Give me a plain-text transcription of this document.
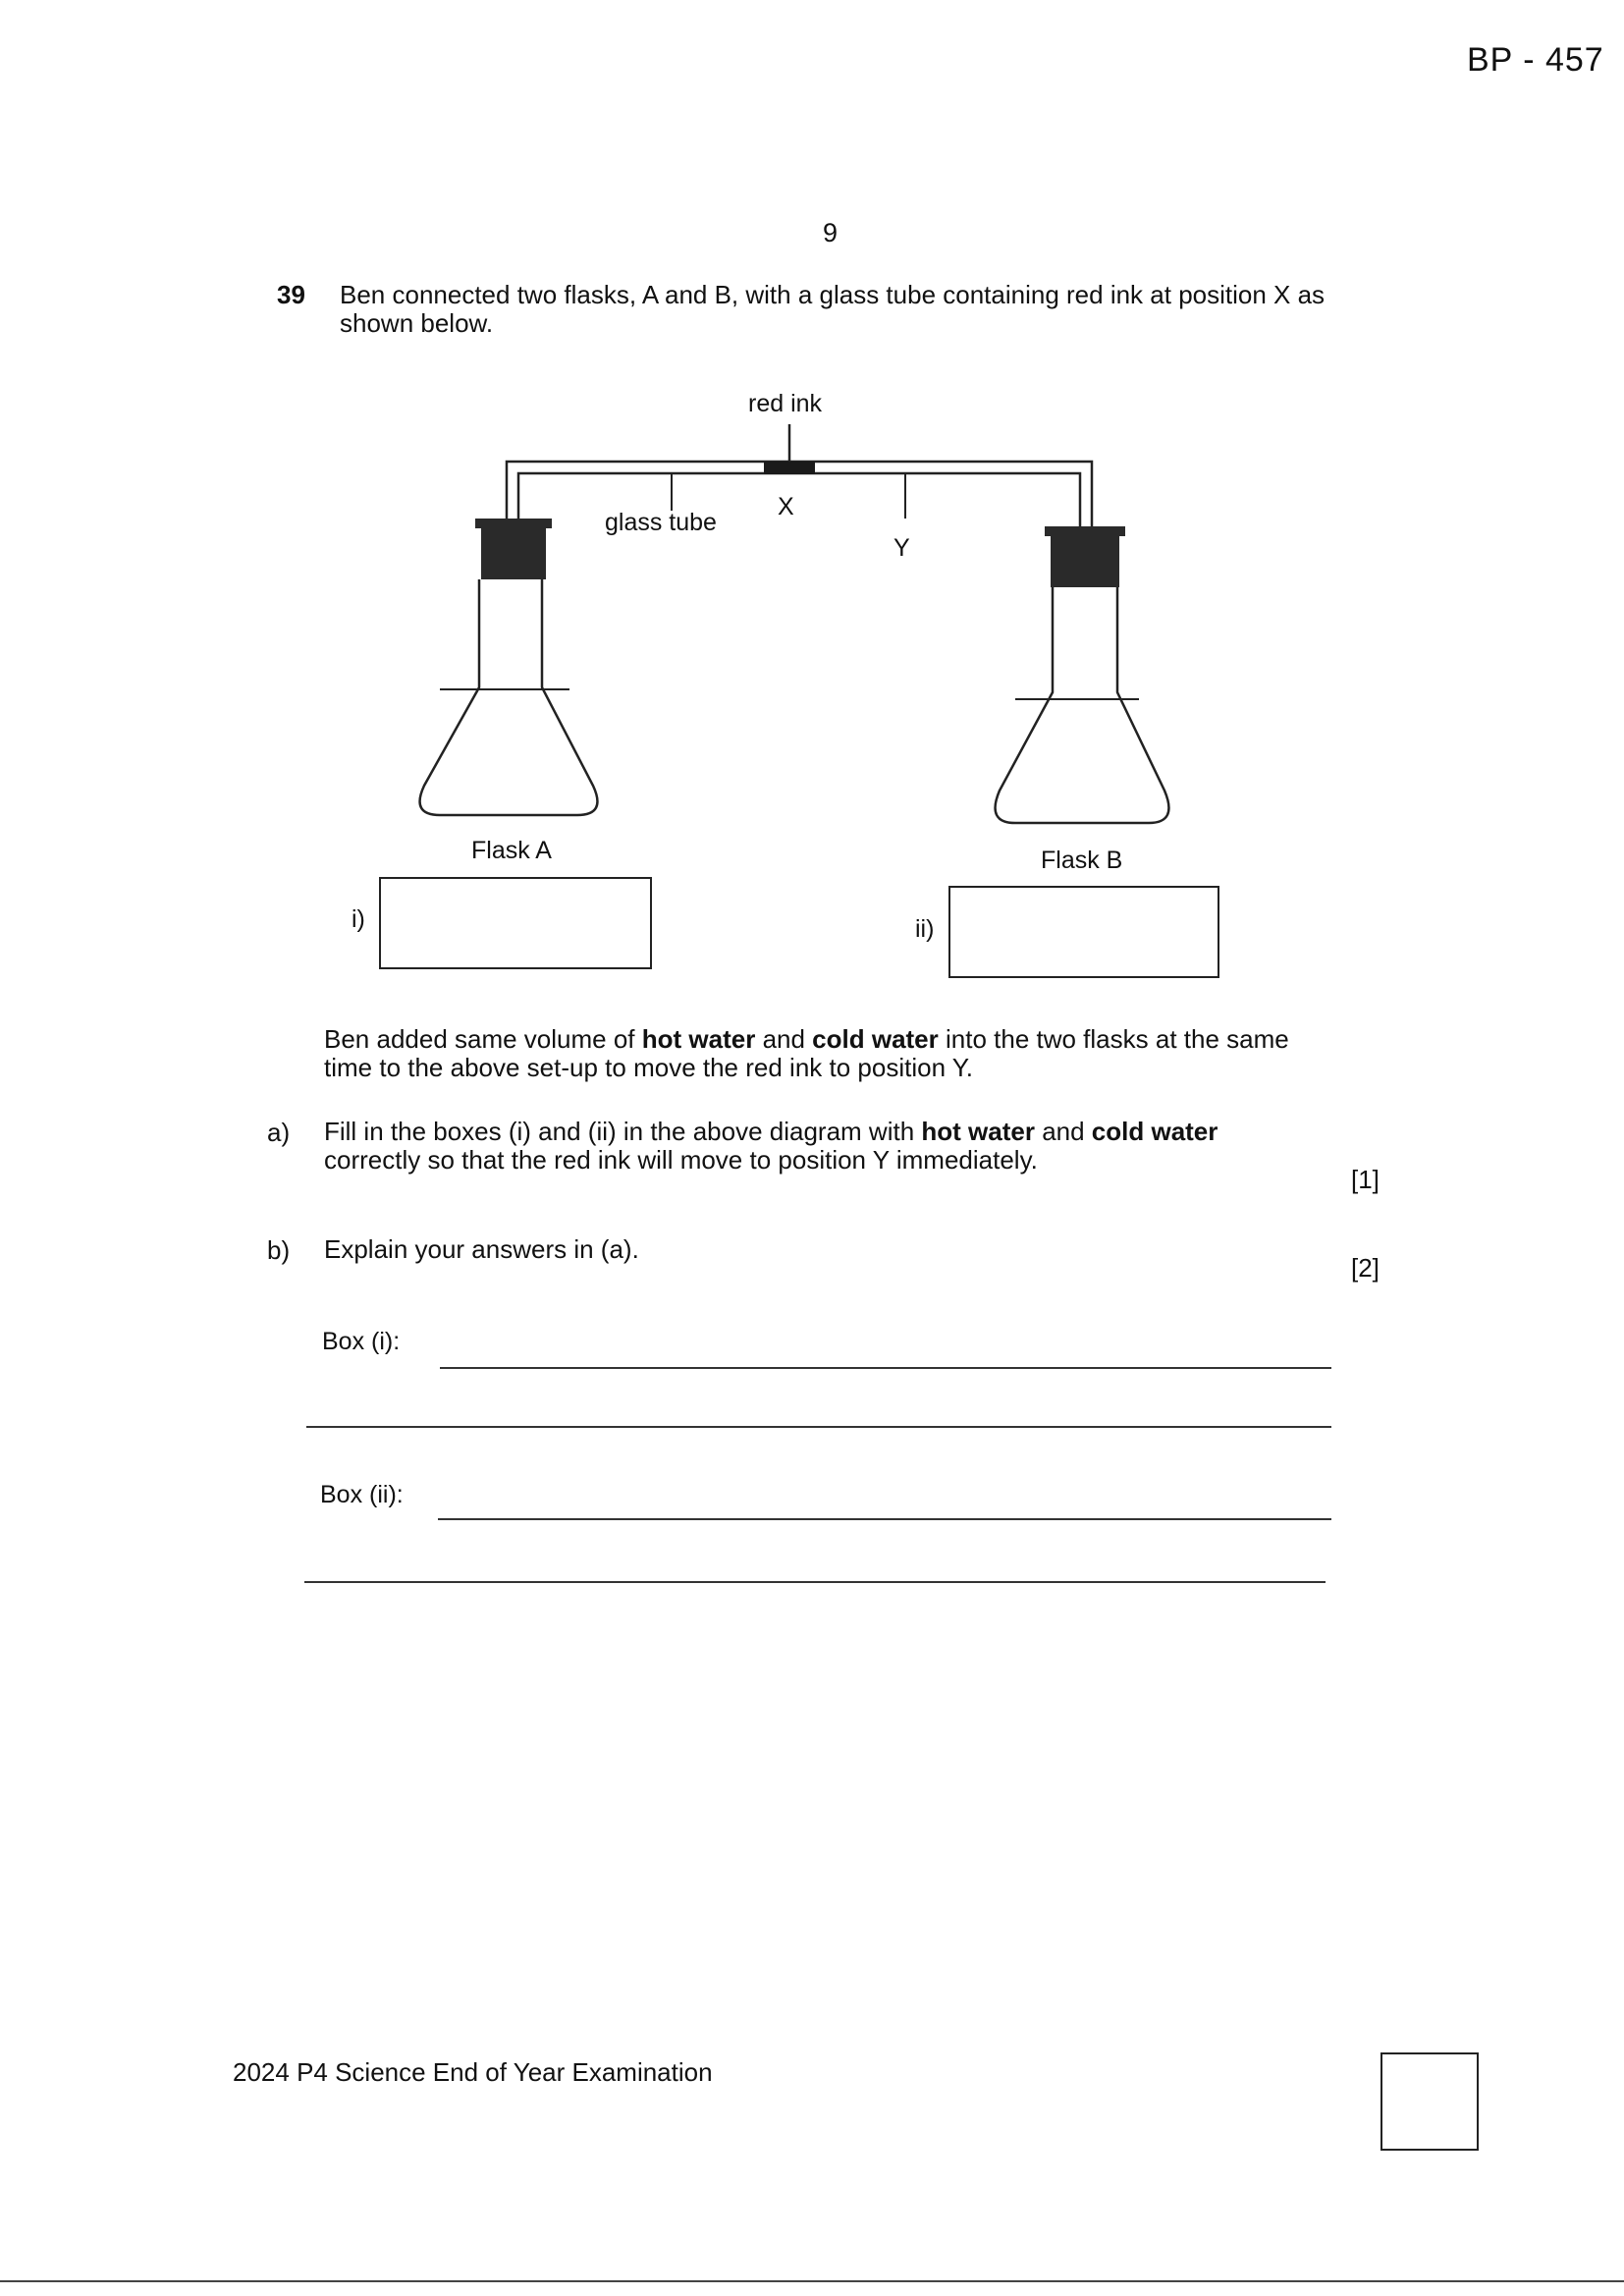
BP - 457
9
39 Ben connected two flasks, A and B, with a glass tube containing red ink at position X as shown below.
red ink
glass tube
X
Y
Flask A	Flask B
i)	ii)
Ben added same volume of hot water and cold water into the two flasks at the same time to the above set-up to move the red ink to position Y.
a) Fill in the boxes (i) and (ii) in the above diagram with hot water and cold water correctly so that the red ink will move to position Y immediately.
[1]
b) Explain your answers in (a).
[2]
Box (i):
Box (ii):
2024 P4 Science End of Year Examination
